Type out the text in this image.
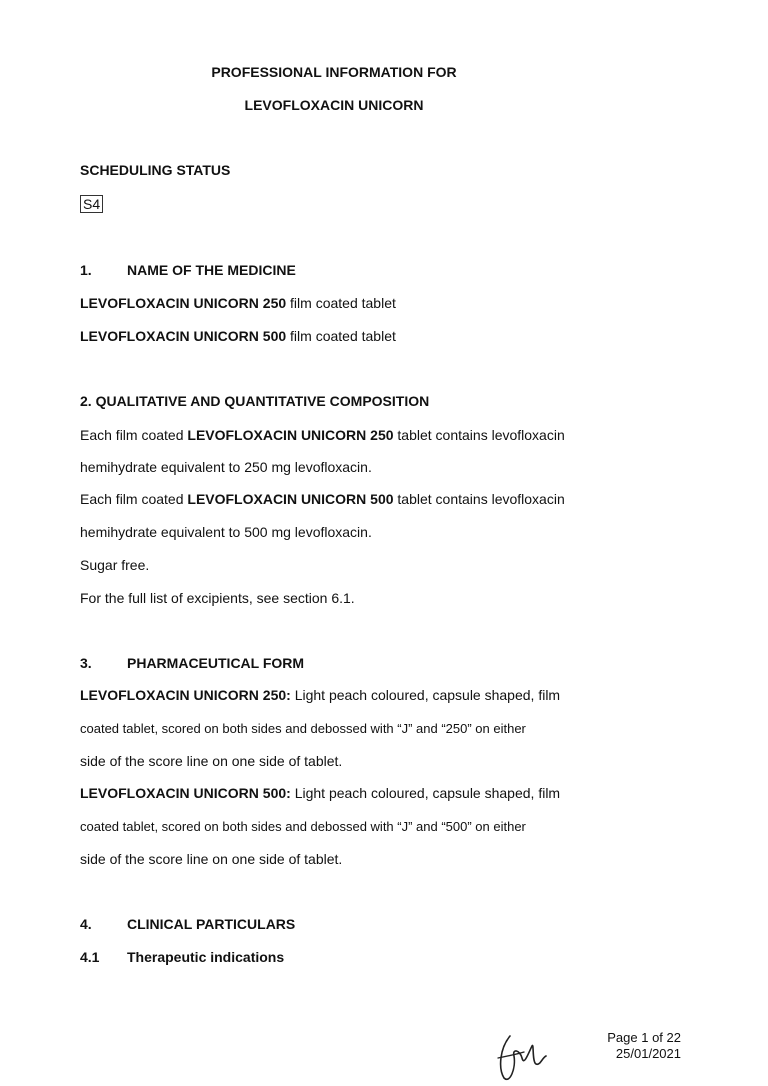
PROFESSIONAL INFORMATION FOR
LEVOFLOXACIN UNICORN
SCHEDULING STATUS
S4
1.	NAME OF THE MEDICINE
LEVOFLOXACIN UNICORN 250 film coated tablet
LEVOFLOXACIN UNICORN 500 film coated tablet
2. QUALITATIVE AND QUANTITATIVE COMPOSITION
Each film coated LEVOFLOXACIN UNICORN 250 tablet contains levofloxacin
hemihydrate equivalent to 250 mg levofloxacin.
Each film coated LEVOFLOXACIN UNICORN 500 tablet contains levofloxacin
hemihydrate equivalent to 500 mg levofloxacin.
Sugar free.
For the full list of excipients, see section 6.1.
3.	PHARMACEUTICAL FORM
LEVOFLOXACIN UNICORN 250: Light peach coloured, capsule shaped, film
coated tablet, scored on both sides and debossed with “J” and “250” on either
side of the score line on one side of tablet.
LEVOFLOXACIN UNICORN 500: Light peach coloured, capsule shaped, film
coated tablet, scored on both sides and debossed with “J” and “500” on either
side of the score line on one side of tablet.
4.	CLINICAL PARTICULARS
4.1 Therapeutic indications
Page 1 of 22
25/01/2021
